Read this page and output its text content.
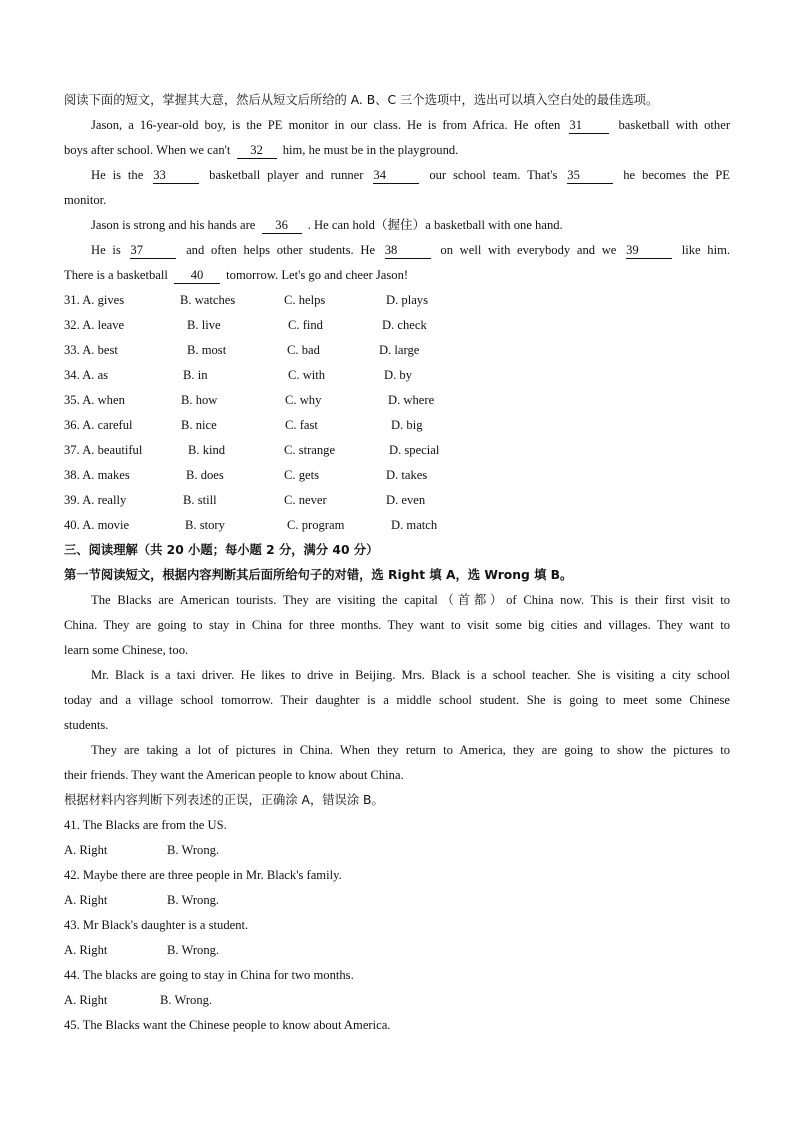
阅读下面的短文，掌握其大意，然后从短文后所给的 A. B、C 三个选项中，选出可以填入空白处的最佳选项。
Jason, a 16-year-old boy, is the PE monitor in our class. He is from Africa. He often 31	basketball with other
boys after school. When we can't 32 him, he must be in the playground.
He is the 33	basketball player and runner 34	our school team. That's 35	he becomes the PE
monitor.
Jason is strong and his hands are 36 . He can hold（握住）a basketball with one hand.
He is 37	and often helps other students. He 38	on well with everybody and we 39	like him.
There is a basketball 40 tomorrow. Let's go and cheer Jason!
31. A. gives	B. watches	C. helps	D. plays
32. A. leave	B. live	C. find	D. check
33. A. best	B. most	C. bad	D. large
34. A. as	B. in	C. with	D. by
35. A. when	B. how	C. why	D. where
36. A. careful	B. nice	C. fast	D. big
37. A. beautiful	B. kind	C. strange	D. special
38. A. makes	B. does	C. gets	D. takes
39. A. really	B. still	C. never	D. even
40. A. movie	B. story	C. program	D. match
三、阅读理解（共 20 小题；每小题 2 分，满分 40 分）
第一节阅读短文，根据内容判断其后面所给句子的对错，选 Right 填 A，选 Wrong 填 B。
The Blacks are American tourists. They are visiting the capital（首都）of China now. This is their first visit to
China. They are going to stay in China for three months. They want to visit some big cities and villages. They want to
learn some Chinese, too.
Mr. Black is a taxi driver. He likes to drive in Beijing. Mrs. Black is a school teacher. She is visiting a city school
today and a village school tomorrow. Their daughter is a middle school student. She is going to meet some Chinese
students.
They are taking a lot of pictures in China. When they return to America, they are going to show the pictures to
their friends. They want the American people to know about China.
根据材料内容判断下列表述的正误，正确涂 A，错误涂 B。
41. The Blacks are from the US.
A. Right	B. Wrong.
42. Maybe there are three people in Mr. Black's family.
A. Right	B. Wrong.
43. Mr Black's daughter is a student.
A. Right	B. Wrong.
44. The blacks are going to stay in China for two months.
A. Right	B. Wrong.
45. The Blacks want the Chinese people to know about America.
